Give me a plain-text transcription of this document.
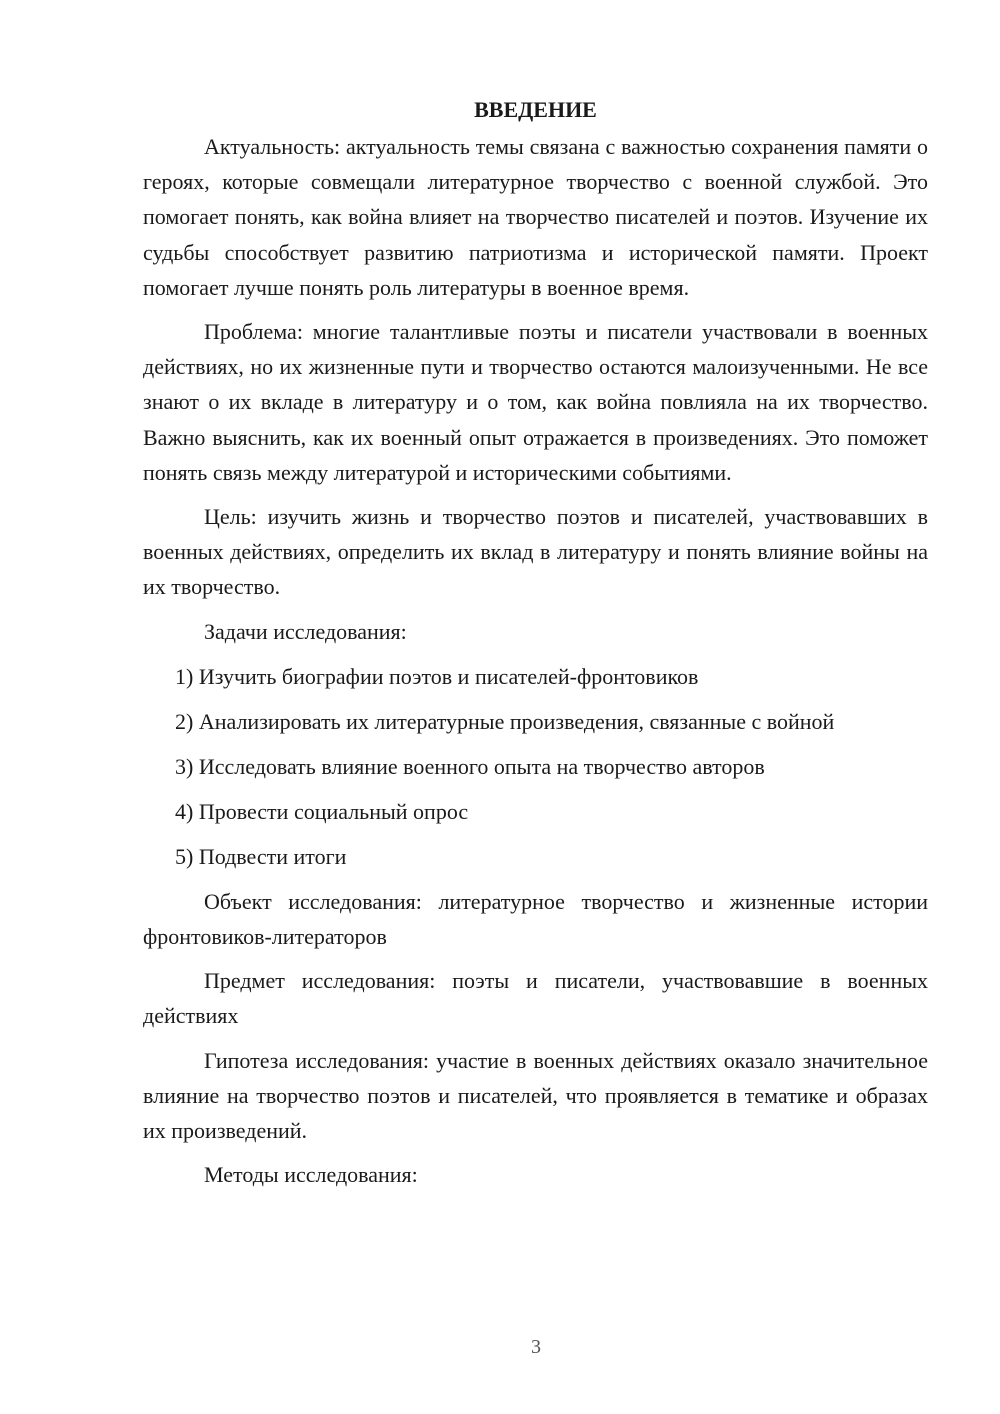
ВВЕДЕНИЕ

Актуальность: актуальность темы связана с важностью сохранения памяти о героях, которые совмещали литературное творчество с военной службой. Это помогает понять, как война влияет на творчество писателей и поэтов. Изучение их судьбы способствует развитию патриотизма и исторической памяти. Проект помогает лучше понять роль литературы в военное время.

Проблема: многие талантливые поэты и писатели участвовали в военных действиях, но их жизненные пути и творчество остаются малоизученными. Не все знают о их вкладе в литературу и о том, как война повлияла на их творчество. Важно выяснить, как их военный опыт отражается в произведениях. Это поможет понять связь между литературой и историческими событиями.

Цель: изучить жизнь и творчество поэтов и писателей, участвовавших в военных действиях, определить их вклад в литературу и понять влияние войны на их творчество.

Задачи исследования:

1) Изучить биографии поэтов и писателей-фронтовиков
2) Анализировать их литературные произведения, связанные с войной
3) Исследовать влияние военного опыта на творчество авторов
4) Провести социальный опрос
5) Подвести итоги

Объект исследования: литературное творчество и жизненные истории фронтовиков-литераторов

Предмет исследования: поэты и писатели, участвовавшие в военных действиях

Гипотеза исследования: участие в военных действиях оказало значительное влияние на творчество поэтов и писателей, что проявляется в тематике и образах их произведений.

Методы исследования:

3
